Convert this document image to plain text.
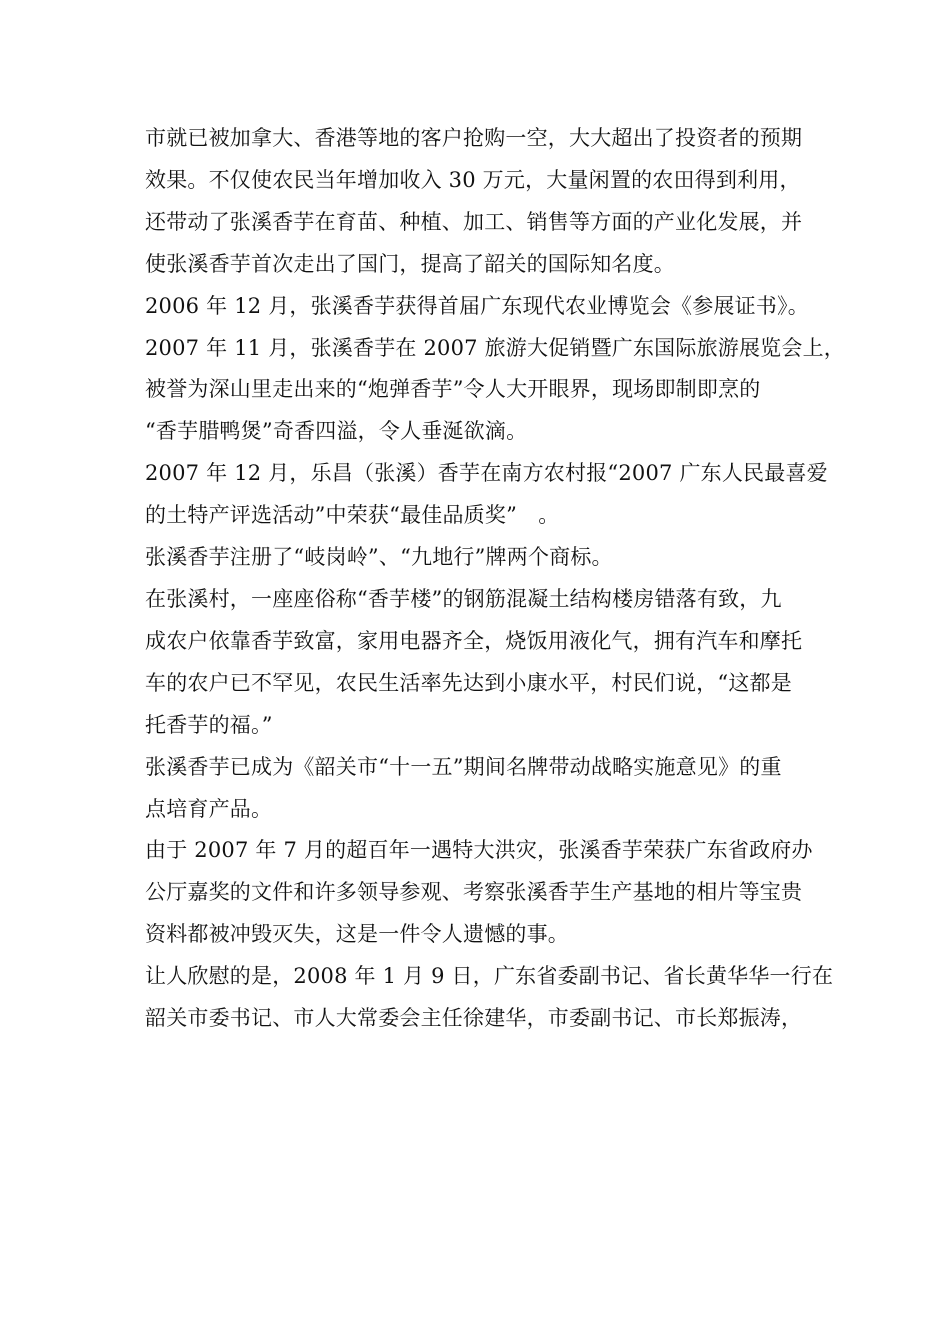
市就已被加拿大、香港等地的客户抢购一空，大大超出了投资者的预期
效果。不仅使农民当年增加收入 30 万元，大量闲置的农田得到利用，
还带动了张溪香芋在育苗、种植、加工、销售等方面的产业化发展，并
使张溪香芋首次走出了国门，提高了韶关的国际知名度。

2006 年 12 月，张溪香芋获得首届广东现代农业博览会《参展证书》。

2007 年 11 月，张溪香芋在 2007 旅游大促销暨广东国际旅游展览会上，
被誉为深山里走出来的“炮弹香芋”令人大开眼界，现场即制即烹的
“香芋腊鸭煲”奇香四溢，令人垂涎欲滴。

2007 年 12 月，乐昌（张溪）香芋在南方农村报“2007 广东人民最喜爱
的土特产评选活动”中荣获“最佳品质奖”　。

张溪香芋注册了“岐岗岭”、“九地行”牌两个商标。

在张溪村，一座座俗称“香芋楼”的钢筋混凝土结构楼房错落有致，九
成农户依靠香芋致富，家用电器齐全，烧饭用液化气，拥有汽车和摩托
车的农户已不罕见，农民生活率先达到小康水平，村民们说，“这都是
托香芋的福。”

张溪香芋已成为《韶关市“十一五”期间名牌带动战略实施意见》的重
点培育产品。

由于 2007 年 7 月的超百年一遇特大洪灾，张溪香芋荣获广东省政府办
公厅嘉奖的文件和许多领导参观、考察张溪香芋生产基地的相片等宝贵
资料都被冲毁灭失，这是一件令人遗憾的事。

让人欣慰的是，2008 年 1 月 9 日，广东省委副书记、省长黄华华一行在
韶关市委书记、市人大常委会主任徐建华，市委副书记、市长郑振涛，
